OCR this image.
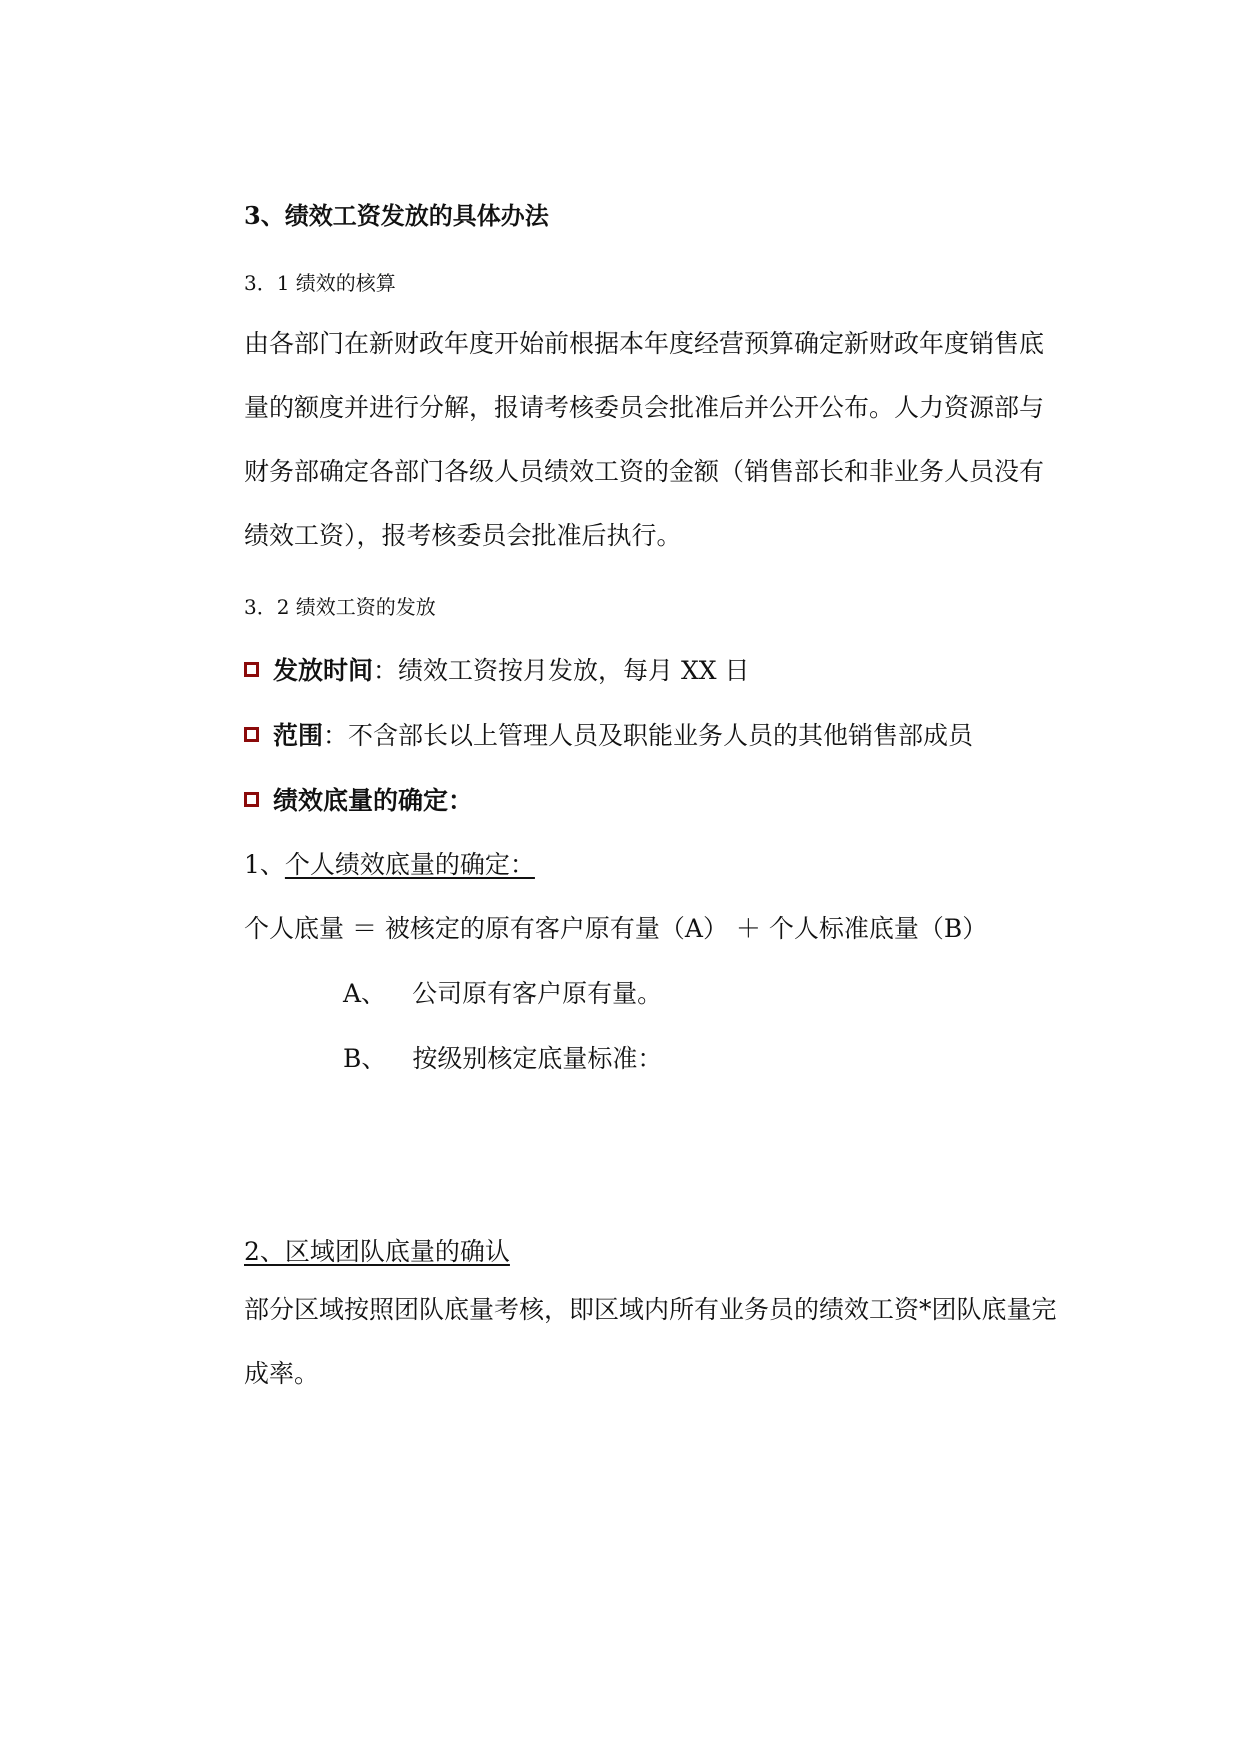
3、绩效工资发放的具体办法
3．1 绩效的核算
由各部门在新财政年度开始前根据本年度经营预算确定新财政年度销售底
量的额度并进行分解，报请考核委员会批准后并公开公布。人力资源部与
财务部确定各部门各级人员绩效工资的金额（销售部长和非业务人员没有
绩效工资），报考核委员会批准后执行。
3．2 绩效工资的发放
发放时间：绩效工资按月发放，每月 XX 日
范围：不含部长以上管理人员及职能业务人员的其他销售部成员
绩效底量的确定：
1、个人绩效底量的确定：
个人底量 ＝ 被核定的原有客户原有量（A） ＋ 个人标准底量（B）
A、 公司原有客户原有量。
B、 按级别核定底量标准：
2、区域团队底量的确认
部分区域按照团队底量考核，即区域内所有业务员的绩效工资*团队底量完
成率。
